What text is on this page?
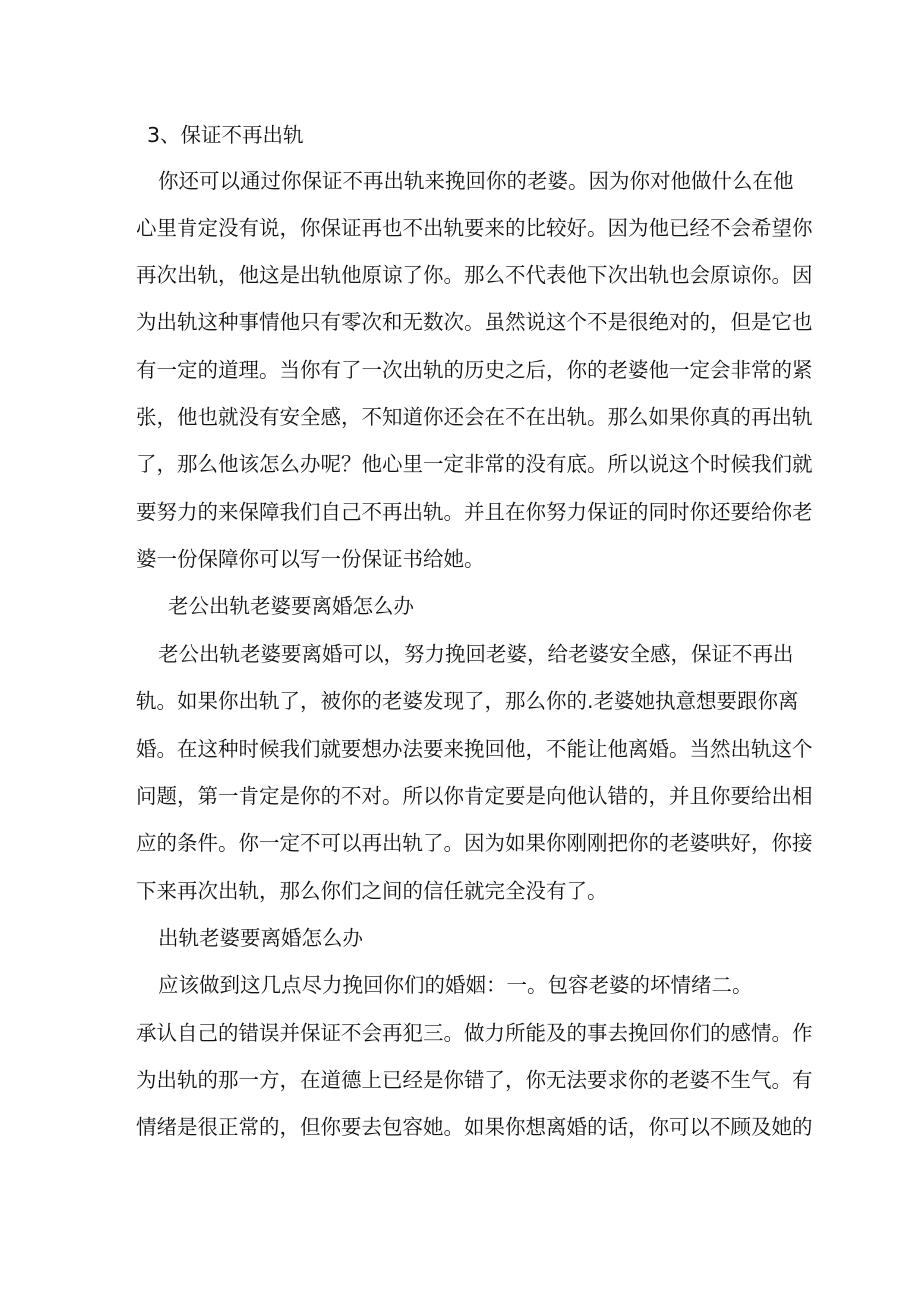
3、保证不再出轨
你还可以通过你保证不再出轨来挽回你的老婆。因为你对他做什么在他
心里肯定没有说，你保证再也不出轨要来的比较好。因为他已经不会希望你
再次出轨，他这是出轨他原谅了你。那么不代表他下次出轨也会原谅你。因
为出轨这种事情他只有零次和无数次。虽然说这个不是很绝对的，但是它也
有一定的道理。当你有了一次出轨的历史之后，你的老婆他一定会非常的紧
张，他也就没有安全感，不知道你还会在不在出轨。那么如果你真的再出轨
了，那么他该怎么办呢？他心里一定非常的没有底。所以说这个时候我们就
要努力的来保障我们自己不再出轨。并且在你努力保证的同时你还要给你老
婆一份保障你可以写一份保证书给她。
老公出轨老婆要离婚怎么办
老公出轨老婆要离婚可以，努力挽回老婆，给老婆安全感，保证不再出
轨。如果你出轨了，被你的老婆发现了，那么你的.老婆她执意想要跟你离
婚。在这种时候我们就要想办法要来挽回他，不能让他离婚。当然出轨这个
问题，第一肯定是你的不对。所以你肯定要是向他认错的，并且你要给出相
应的条件。你一定不可以再出轨了。因为如果你刚刚把你的老婆哄好，你接
下来再次出轨，那么你们之间的信任就完全没有了。
出轨老婆要离婚怎么办
应该做到这几点尽力挽回你们的婚姻：一。包容老婆的坏情绪二。
承认自己的错误并保证不会再犯三。做力所能及的事去挽回你们的感情。作
为出轨的那一方，在道德上已经是你错了，你无法要求你的老婆不生气。有
情绪是很正常的，但你要去包容她。如果你想离婚的话，你可以不顾及她的
